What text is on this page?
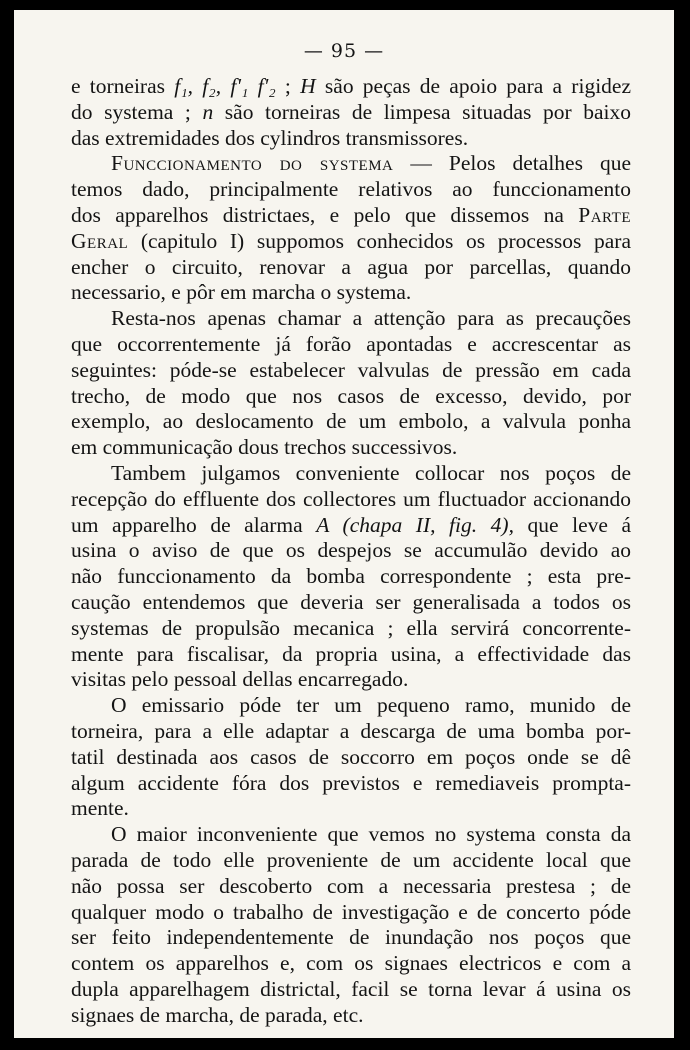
— 95 —
e torneiras f₁, f₂, f'₁ f'₂ ; H são peças de apoio para a rigidez
do systema ; n são torneiras de limpesa situadas por baixo
das extremidades dos cylindros transmissores.
Funccionamento do systema — Pelos detalhes que
temos dado, principalmente relativos ao funccionamento
dos apparelhos districtaes, e pelo que dissemos na Parte
Geral (capitulo I) suppomos conhecidos os processos para
encher o circuito, renovar a agua por parcellas, quando
necessario, e pôr em marcha o systema.
Resta-nos apenas chamar a attenção para as precauções
que occorrentemente já forão apontadas e accrescentar as
seguintes: póde-se estabelecer valvulas de pressão em cada
trecho, de modo que nos casos de excesso, devido, por
exemplo, ao deslocamento de um embolo, a valvula ponha
em communicação dous trechos successivos.
Tambem julgamos conveniente collocar nos poços de
recepção do effluente dos collectores um fluctuador accionando
um apparelho de alarma A (chapa II, fig. 4), que leve á
usina o aviso de que os despejos se accumulão devido ao
não funccionamento da bomba correspondente ; esta pre-
caução entendemos que deveria ser generalisada a todos os
systemas de propulsão mecanica ; ella servirá concorrente-
mente para fiscalisar, da propria usina, a effectividade das
visitas pelo pessoal dellas encarregado.
O emissario póde ter um pequeno ramo, munido de
torneira, para a elle adaptar a descarga de uma bomba por-
tatil destinada aos casos de soccorro em poços onde se dê
algum accidente fóra dos previstos e remediaveis prompta-
mente.
O maior inconveniente que vemos no systema consta da
parada de todo elle proveniente de um accidente local que
não possa ser descoberto com a necessaria prestesa ; de
qualquer modo o trabalho de investigação e de concerto póde
ser feito independentemente de inundação nos poços que
contem os apparelhos e, com os signaes electricos e com a
dupla apparelhagem districtal, facil se torna levar á usina os
signaes de marcha, de parada, etc.
